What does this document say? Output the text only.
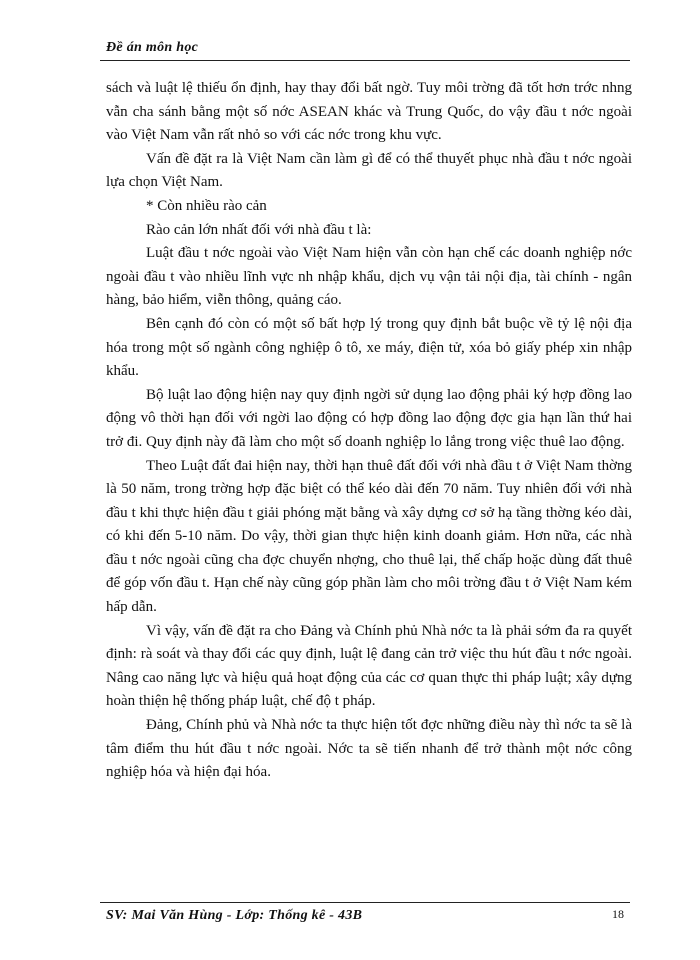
Đề án môn học

sách và luật lệ thiếu ổn định, hay thay đổi bất ngờ. Tuy môi trờng đã tốt hơn trớc nhng vẫn cha sánh bằng một số nớc ASEAN khác và Trung Quốc, do vậy đầu t nớc ngoài vào Việt Nam vẫn rất nhỏ so với các nớc trong khu vực.

Vấn đề đặt ra là Việt Nam cần làm gì để có thể thuyết phục nhà đầu t nớc ngoài lựa chọn Việt Nam.

* Còn nhiều rào cản

Rào cản lớn nhất đối với nhà đầu t là:

Luật đầu t nớc ngoài vào Việt Nam hiện vẫn còn hạn chế các doanh nghiệp nớc ngoài đầu t vào nhiều lĩnh vực nh nhập khẩu, dịch vụ vận tải nội địa, tài chính - ngân hàng, bảo hiểm, viễn thông, quảng cáo.

Bên cạnh đó còn có một số bất hợp lý trong quy định bắt buộc về tỷ lệ nội địa hóa trong một số ngành công nghiệp ô tô, xe máy, điện tử, xóa bỏ giấy phép xin nhập khẩu.

Bộ luật lao động hiện nay quy định ngời sử dụng lao động phải ký hợp đồng lao động vô thời hạn đối với ngời lao động có hợp đồng lao động đợc gia hạn lần thứ hai trở đi. Quy định này đã làm cho một số doanh nghiệp lo lắng trong việc thuê lao động.

Theo Luật đất đai hiện nay, thời hạn thuê đất đối với nhà đầu t ở Việt Nam thờng là 50 năm, trong trờng hợp đặc biệt có thể kéo dài đến 70 năm. Tuy nhiên đối với nhà đầu t khi thực hiện đầu t giải phóng mặt bằng và xây dựng cơ sở hạ tầng thờng kéo dài, có khi đến 5-10 năm. Do vậy, thời gian thực hiện kinh doanh giảm. Hơn nữa, các nhà đầu t nớc ngoài cũng cha đợc chuyển nhợng, cho thuê lại, thế chấp hoặc dùng đất thuê để góp vốn đầu t. Hạn chế này cũng góp phần làm cho môi trờng đầu t ở Việt Nam kém hấp dẫn.

Vì vậy, vấn đề đặt ra cho Đảng và Chính phủ Nhà nớc ta là phải sớm đa ra quyết định: rà soát và thay đổi các quy định, luật lệ đang cản trở việc thu hút đầu t nớc ngoài. Nâng cao năng lực và hiệu quả hoạt động của các cơ quan thực thi pháp luật; xây dựng hoàn thiện hệ thống pháp luật, chế độ t pháp.

Đảng, Chính phủ và Nhà nớc ta thực hiện tốt đợc những điều này thì nớc ta sẽ là tâm điểm thu hút đầu t nớc ngoài. Nớc ta sẽ tiến nhanh để trở thành một nớc công nghiệp hóa và hiện đại hóa.

SV: Mai Văn Hùng - Lớp: Thống kê - 43B	18
